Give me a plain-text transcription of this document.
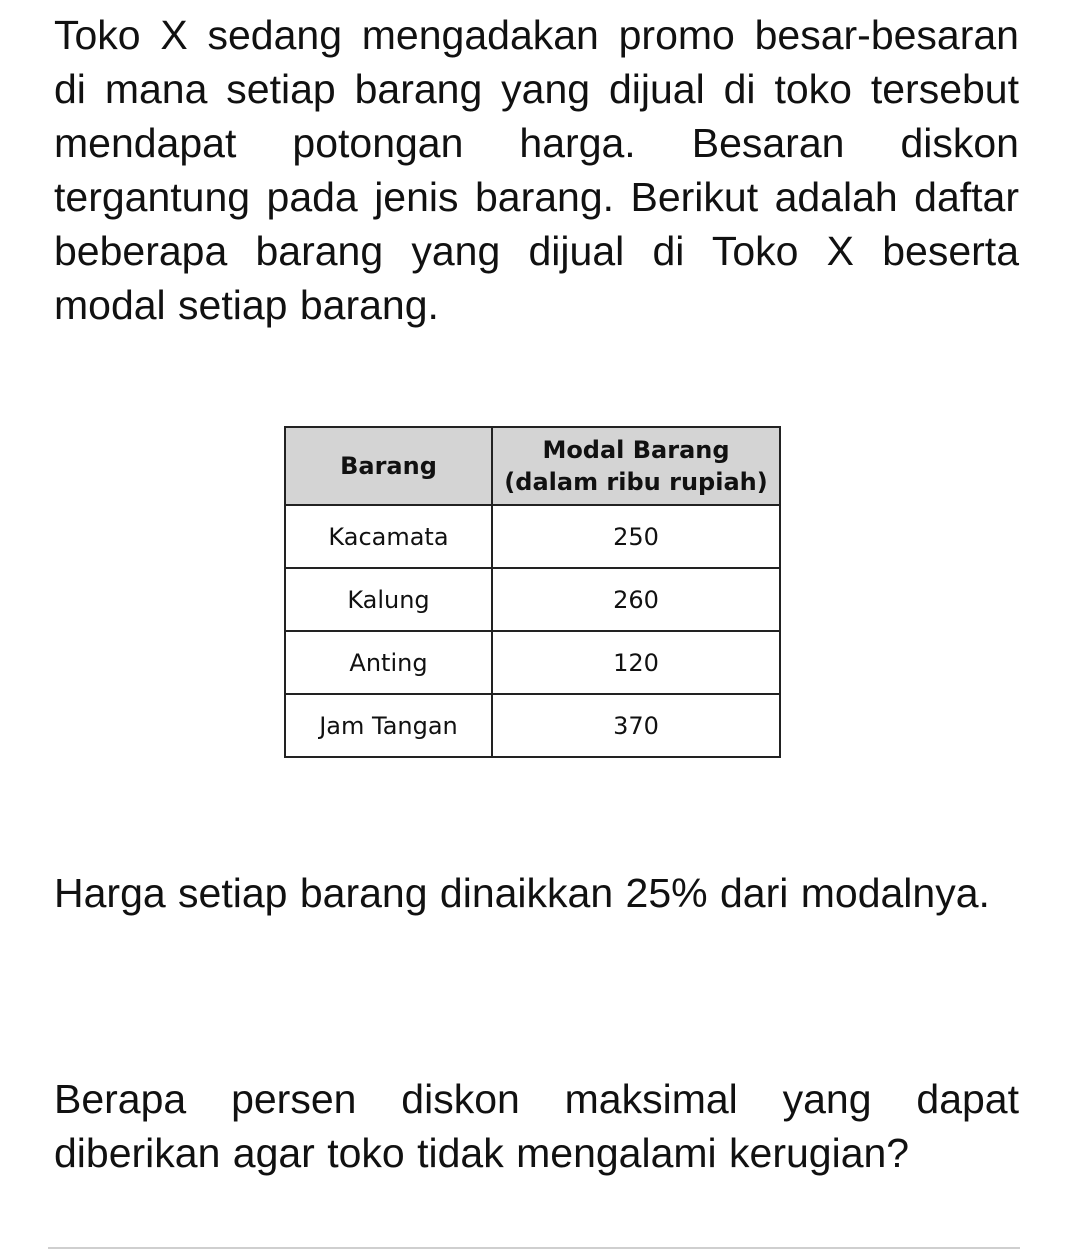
Toko X sedang mengadakan promo besar-besaran di mana setiap barang yang dijual di toko tersebut mendapat potongan harga. Besaran diskon tergantung pada jenis barang. Berikut adalah daftar beberapa barang yang dijual di Toko X beserta modal setiap barang.

Barang	Modal Barang
(dalam ribu rupiah)

Kacamata	250
Kalung	260
Anting	120
Jam Tangan	370

Harga setiap barang dinaikkan 25% dari modalnya.

Berapa persen diskon maksimal yang dapat diberikan agar toko tidak mengalami kerugian?
